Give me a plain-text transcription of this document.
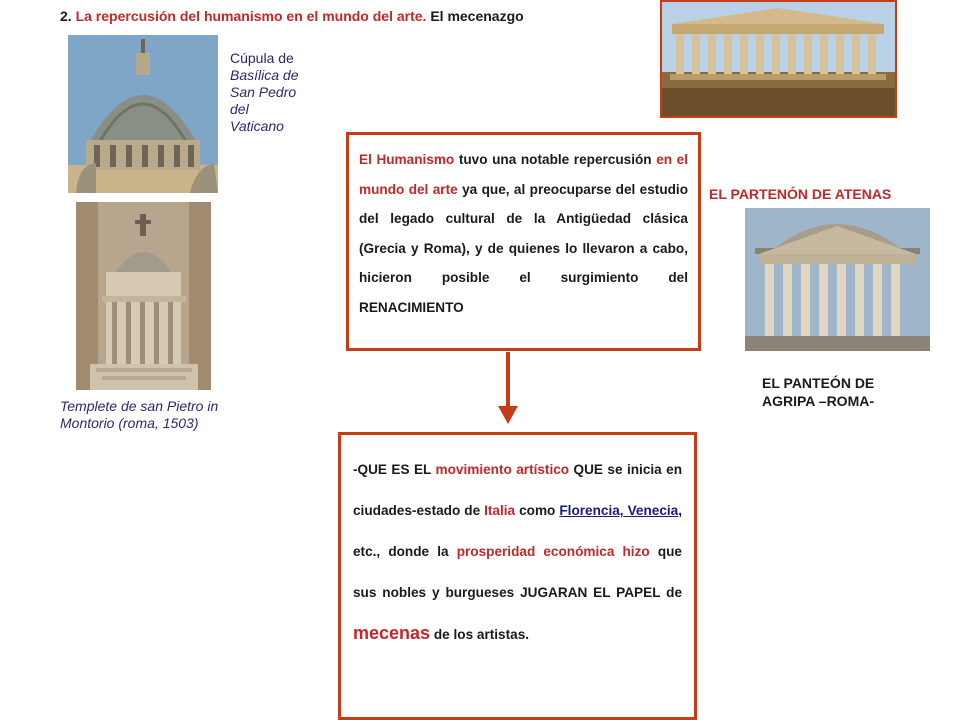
2. La repercusión del humanismo en el mundo del arte. El mecenazgo
Cúpula de
Basílica de
San Pedro
del
Vaticano
Templete de san Pietro in
Montorio (roma, 1503)
EL PARTENÓN DE ATENAS
EL PANTEÓN DE
AGRIPA –ROMA-

El Humanismo tuvo una notable repercusión en el mundo del arte ya que, al preocuparse del estudio del legado cultural de la Antigüedad clásica (Grecia y Roma), y de quienes lo llevaron a cabo, hicieron posible el surgimiento del RENACIMIENTO

-QUE ES EL movimiento artístico QUE se inicia en ciudades-estado de Italia como Florencia, Venecia, etc., donde la prosperidad económica hizo que sus nobles y burgueses JUGARAN EL PAPEL de mecenas de los artistas.
